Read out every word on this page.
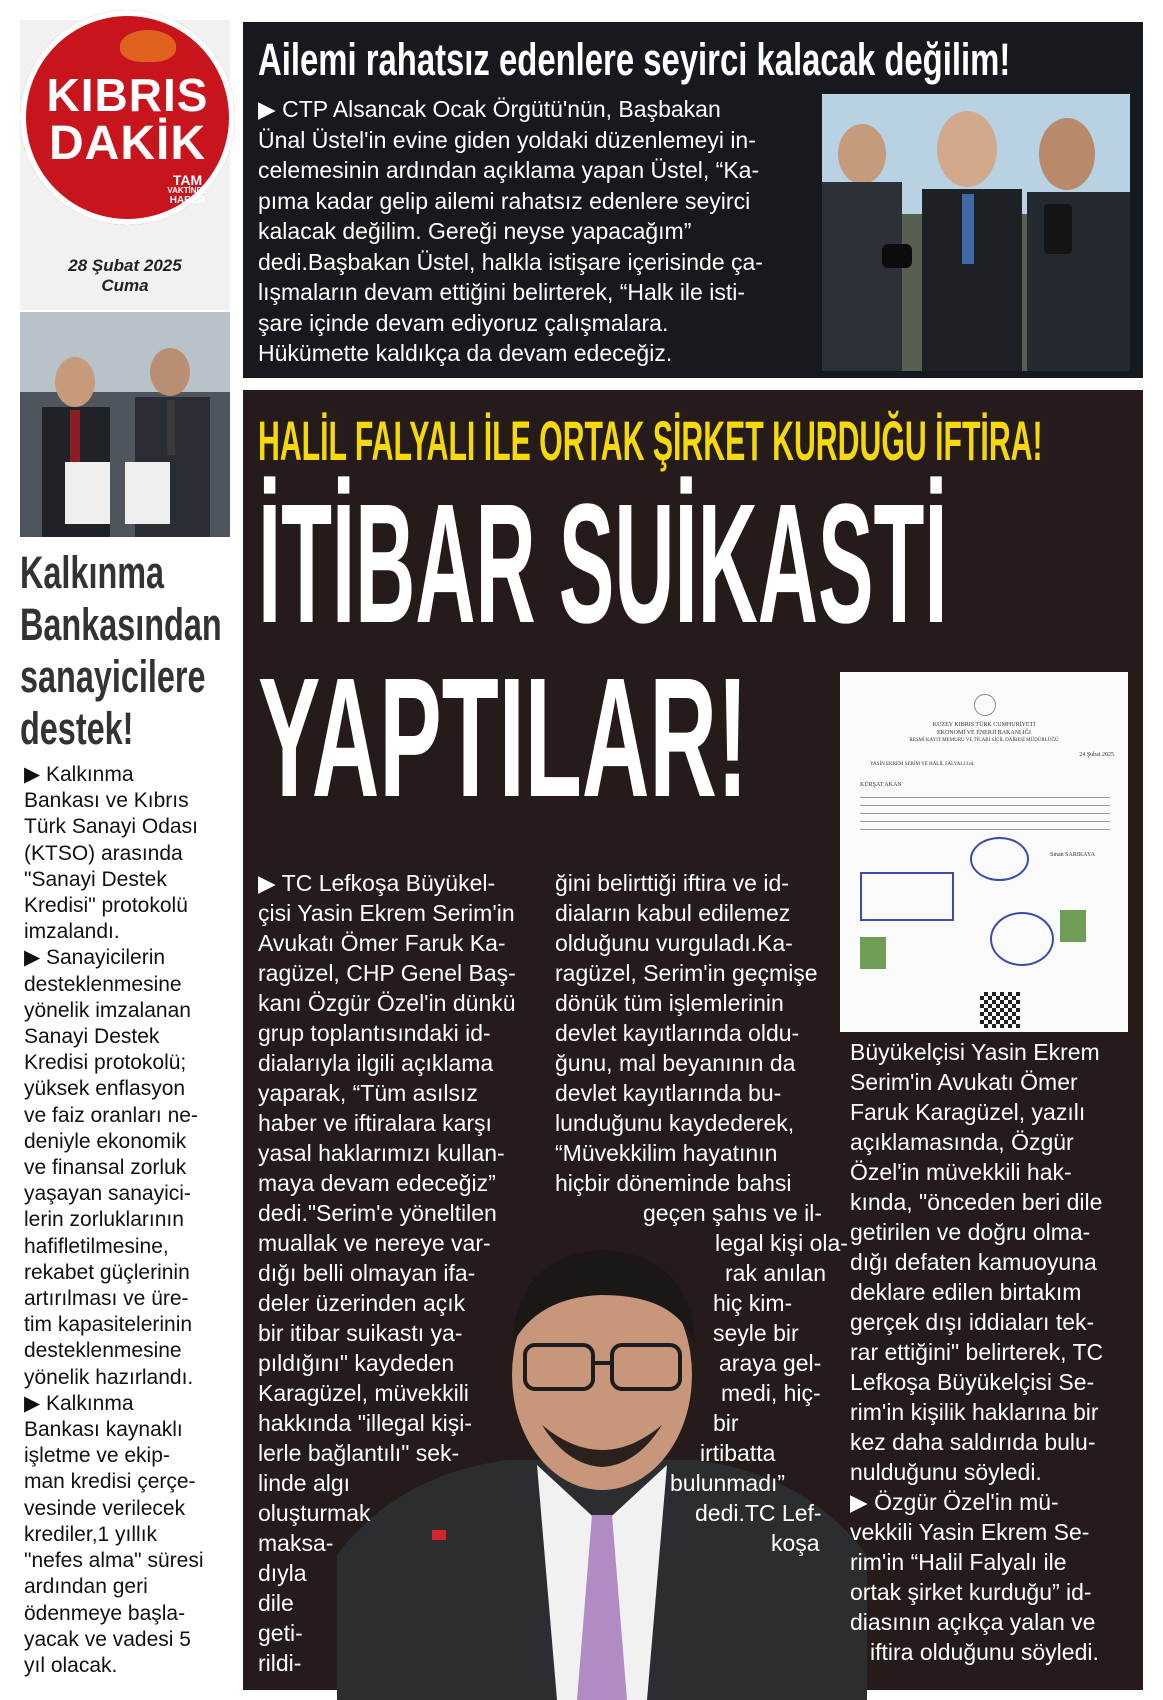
KIBRIS
DAKİK
TAM
VAKTİNDE
HABER
28 Şubat 2025
Cuma
Kalkınma
Bankasından
sanayicilere
destek!

▶ Kalkınma

Bankası ve Kıbrıs

Türk Sanayi Odası

(KTSO) arasında

"Sanayi Destek

Kredisi" protokolü

imzalandı.

▶ Sanayicilerin

desteklenmesine

yönelik imzalanan

Sanayi Destek

Kredisi protokolü;

yüksek enflasyon

ve faiz oranları ne-

deniyle ekonomik

ve finansal zorluk

yaşayan sanayici-

lerin zorluklarının

hafifletilmesine,

rekabet güçlerinin

artırılması ve üre-

tim kapasitelerinin

desteklenmesine

yönelik hazırlandı.

▶ Kalkınma

Bankası kaynaklı

işletme ve ekip-

man kredisi çerçe-

vesinde verilecek

krediler,1 yıllık

"nefes alma" süresi

ardından geri

ödenmeye başla-

yacak ve vadesi 5

yıl olacak.

Ailemi rahatsız edenlere seyirci kalacak değilim!

▶ CTP Alsancak Ocak Örgütü'nün, Başbakan

Ünal Üstel'in evine giden yoldaki düzenlemeyi in-

celemesinin ardından açıklama yapan Üstel, “Ka-

pıma kadar gelip ailemi rahatsız edenlere seyirci

kalacak değilim. Gereği neyse yapacağım”

dedi.Başbakan Üstel, halkla istişare içerisinde ça-

lışmaların devam ettiğini belirterek, “Halk ile isti-

şare içinde devam ediyoruz çalışmalara.

Hükümette kaldıkça da devam edeceğiz.

HALİL FALYALI İLE ORTAK ŞİRKET KURDUĞU İFTİRA!
İTİBAR SUİKASTİ
YAPTILAR!	KUZEY KIBRIS TÜRK CUMHURİYETİ
EKONOMİ VE ENERJİ BAKANLIĞI
RESMİ KAYIT MEMURU VE TİCARİ SİCİL DAİRESİ MÜDÜRLÜĞÜ
24 Şubat 2025
YASİN EKREM SERİM VE HALİL FALYALI Ltd.
KÜRŞAT AKAN
Sinan SARIKAYA

▶ TC Lefkoşa Büyükel-

çisi Yasin Ekrem Serim'in

Avukatı Ömer Faruk Ka-

ragüzel, CHP Genel Baş-

kanı Özgür Özel'in dünkü

grup toplantısındaki id-

dialarıyla ilgili açıklama

yaparak, “Tüm asılsız

haber ve iftiralara karşı

yasal haklarımızı kullan-

maya devam edeceğiz”

dedi."Serim'e yöneltilen

muallak ve nereye var-

dığı belli olmayan ifa-

deler üzerinden açık

bir itibar suikastı ya-

pıldığını" kaydeden

Karagüzel, müvekkili

hakkında "illegal kişi-

lerle bağlantılı" sek-

linde algı

oluşturmak

maksa-

dıyla

dile

geti-

rildi-

ğini belirttiği iftira ve id-

diaların kabul edilemez

olduğunu vurguladı.Ka-

ragüzel, Serim'in geçmişe

dönük tüm işlemlerinin

devlet kayıtlarında oldu-

ğunu, mal beyanının da

devlet kayıtlarında bu-

lunduğunu kaydederek,

“Müvekkilim hayatının

hiçbir döneminde bahsi

geçen şahıs ve il-

legal kişi ola-

rak anılan

hiç kim-

seyle bir

araya gel-

medi, hiç-

bir

irtibatta

bulunmadı”

dedi.TC Lef-

koşa

Büyükelçisi Yasin Ekrem

Serim'in Avukatı Ömer

Faruk Karagüzel, yazılı

açıklamasında, Özgür

Özel'in müvekkili hak-

kında, "önceden beri dile

getirilen ve doğru olma-

dığı defaten kamuoyuna

deklare edilen birtakım

gerçek dışı iddiaları tek-

rar ettiğini" belirterek, TC

Lefkoşa Büyükelçisi Se-

rim'in kişilik haklarına bir

kez daha saldırıda bulu-

nulduğunu söyledi.

▶ Özgür Özel'in mü-

vekkili Yasin Ekrem Se-

rim'in “Halil Falyalı ile

ortak şirket kurduğu” id-

diasının açıkça yalan ve

iftira olduğunu söyledi.
